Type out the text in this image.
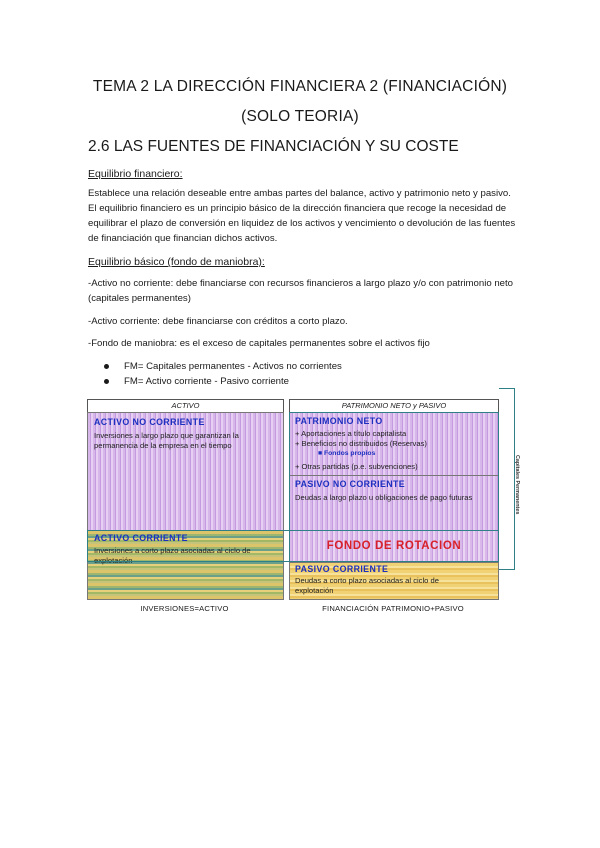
TEMA 2 LA DIRECCIÓN FINANCIERA 2 (FINANCIACIÓN)
(SOLO TEORIA)
2.6 LAS FUENTES DE FINANCIACIÓN Y SU COSTE
Equilibrio financiero:
Establece una relación deseable entre ambas partes del balance, activo y patrimonio neto y pasivo. El equilibrio financiero es un principio básico de la dirección financiera que recoge la necesidad de equilibrar el plazo de conversión en liquidez de los activos y vencimiento o devolución de las fuentes de financiación que financian dichos activos.
Equilibrio básico (fondo de maniobra):
-Activo no corriente: debe financiarse con recursos financieros a largo plazo y/o con patrimonio neto (capitales permanentes)
-Activo corriente: debe financiarse con créditos a corto plazo.
-Fondo de maniobra: es el exceso de capitales permanentes sobre el activos fijo
FM= Capitales permanentes - Activos no corrientes
FM= Activo corriente - Pasivo corriente
ACTIVO	PATRIMONIO NETO y PASIVO
ACTIVO NO CORRIENTE
Inversiones a largo plazo que garantizan la permanencia de la empresa en el tiempo
ACTIVO CORRIENTE
Inversiones a corto plazo asociadas al ciclo de explotación
PATRIMONIO NETO
+ Aportaciones a título capitalista
+ Beneficios no distribuidos (Reservas)
■ Fondos propios
+ Otras partidas (p.e. subvenciones)
PASIVO NO CORRIENTE
Deudas a largo plazo u obligaciones de pago futuras
FONDO DE ROTACION
PASIVO CORRIENTE
Deudas a corto plazo asociadas al ciclo de explotación
Capitales Permanentes
INVERSIONES=ACTIVO	FINANCIACIÓN PATRIMONIO+PASIVO
